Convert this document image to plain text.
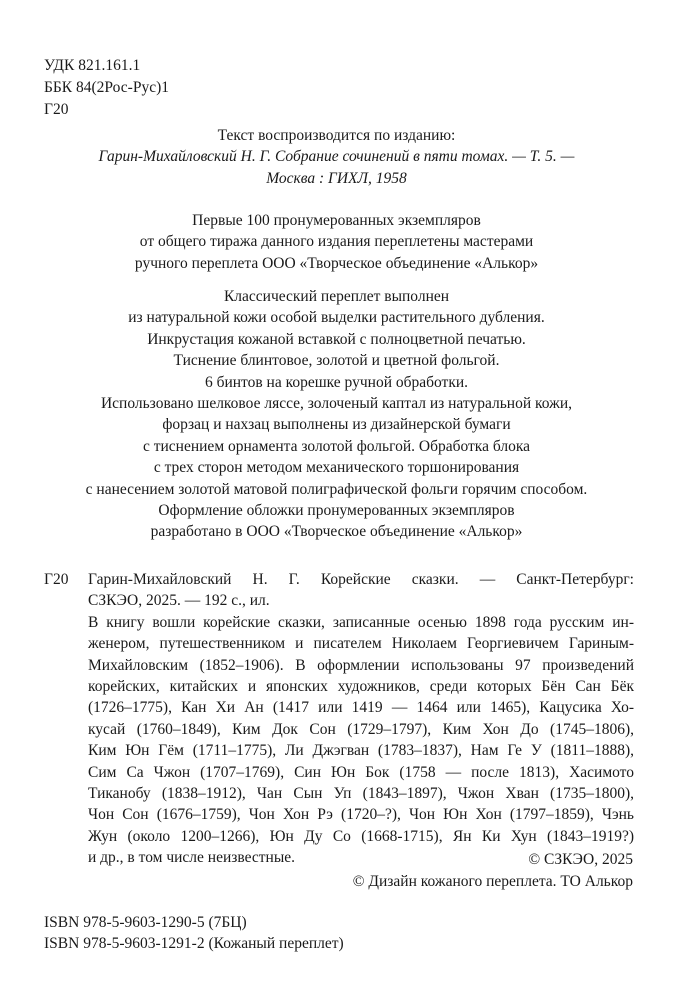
УДК 821.161.1
ББК 84(2Рос-Рус)1
Г20
Текст воспроизводится по изданию:
Гарин-Михайловский Н. Г. Собрание сочинений в пяти томах. — Т. 5. —
Москва : ГИХЛ, 1958
Первые 100 пронумерованных экземпляров
от общего тиража данного издания переплетены мастерами
ручного переплета ООО «Творческое объединение «Алькор»
Классический переплет выполнен
из натуральной кожи особой выделки растительного дубления.
Инкрустация кожаной вставкой с полноцветной печатью.
Тиснение блинтовое, золотой и цветной фольгой.
6 бинтов на корешке ручной обработки.
Использовано шелковое ляссе, золоченый каптал из натуральной кожи,
форзац и нахзац выполнены из дизайнерской бумаги
с тиснением орнамента золотой фольгой. Обработка блока
с трех сторон методом механического торшонирования
с нанесением золотой матовой полиграфической фольги горячим способом.
Оформление обложки пронумерованных экземпляров
разработано в ООО «Творческое объединение «Алькор»
Г20 Гарин-Михайловский Н. Г. Корейские сказки. — Санкт-Петербург:
СЗКЭО, 2025. — 192 с., ил.
В книгу вошли корейские сказки, записанные осенью 1898 года русским ин-
женером, путешественником и писателем Николаем Георгиевичем Гариным-
Михайловским (1852–1906). В оформлении использованы 97 произведений
корейских, китайских и японских художников, среди которых Бён Сан Бёк
(1726–1775), Кан Хи Ан (1417 или 1419 — 1464 или 1465), Кацусика Хо-
кусай (1760–1849), Ким Док Сон (1729–1797), Ким Хон До (1745–1806),
Ким Юн Гём (1711–1775), Ли Джэгван (1783–1837), Нам Ге У (1811–1888),
Сим Са Чжон (1707–1769), Син Юн Бок (1758 — после 1813), Хасимото
Тиканобу (1838–1912), Чан Сын Уп (1843–1897), Чжон Хван (1735–1800),
Чон Сон (1676–1759), Чон Хон Рэ (1720–?), Чон Юн Хон (1797–1859), Чэнь
Жун (около 1200–1266), Юн Ду Со (1668-1715), Ян Ки Хун (1843–1919?)
и др., в том числе неизвестные.	© СЗКЭО, 2025
© Дизайн кожаного переплета. ТО Алькор
ISBN 978-5-9603-1290-5 (7БЦ)
ISBN 978-5-9603-1291-2 (Кожаный переплет)
